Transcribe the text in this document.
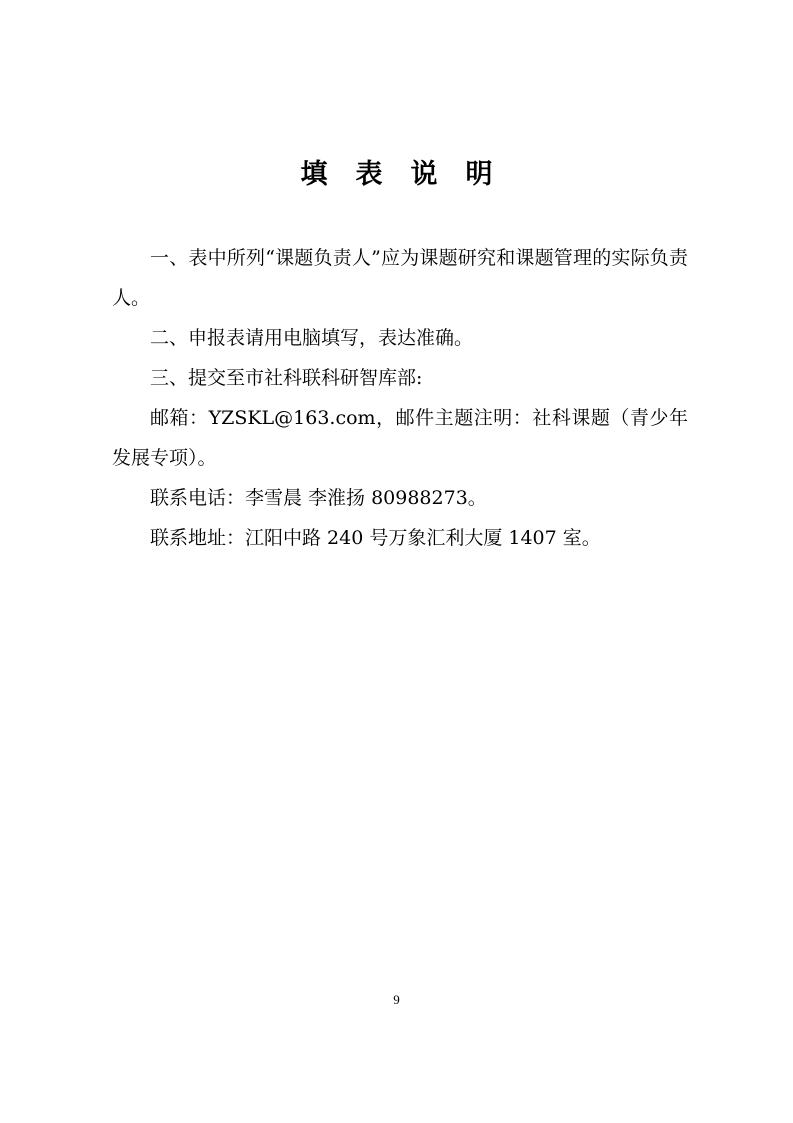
填表说明

一、表中所列“课题负责人”应为课题研究和课题管理的实际负责人。

二、申报表请用电脑填写，表达准确。

三、提交至市社科联科研智库部:

邮箱：YZSKL@163.com，邮件主题注明：社科课题（青少年发展专项）。

联系电话：李雪晨 李淮扬 80988273。

联系地址：江阳中路 240 号万象汇利大厦 1407 室。

9
